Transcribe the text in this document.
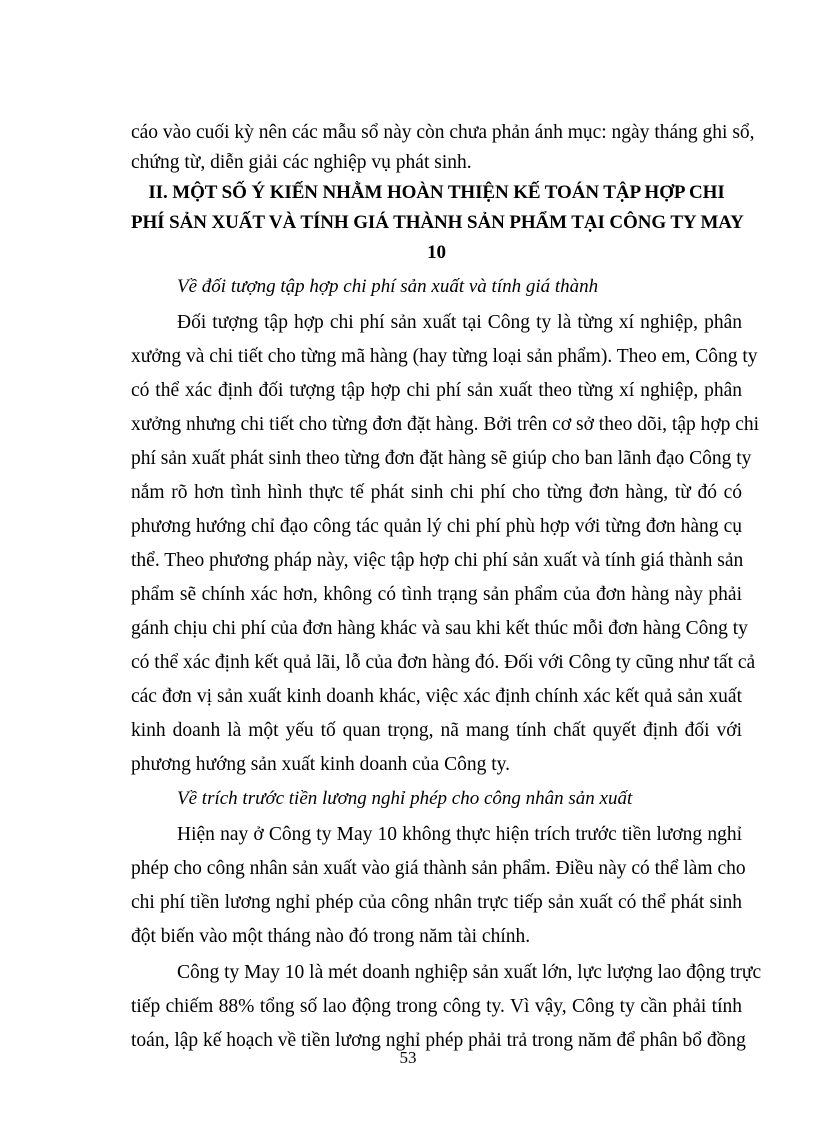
cáo vào cuối kỳ nên các mẫu sổ này còn chưa phản ánh mục: ngày tháng ghi sổ,
chứng từ, diễn giải các nghiệp vụ phát sinh.
II. MỘT SỐ Ý KIẾN NHẰM HOÀN THIỆN KẾ TOÁN TẬP HỢP CHI
PHÍ SẢN XUẤT VÀ TÍNH GIÁ THÀNH SẢN PHẨM TẠI CÔNG TY MAY
10
Về đối tượng tập hợp chi phí sản xuất và tính giá thành
Đối tượng tập hợp chi phí sản xuất tại Công ty là từng xí nghiệp, phân
xưởng và chi tiết cho từng mã hàng (hay từng loại sản phẩm). Theo em, Công ty
có thể xác định đối tượng tập hợp chi phí sản xuất theo từng xí nghiệp, phân
xưởng nhưng chi tiết cho từng đơn đặt hàng. Bởi trên cơ sở theo dõi, tập hợp chi
phí sản xuất phát sinh theo từng đơn đặt hàng sẽ giúp cho ban lãnh đạo Công ty
nắm rõ hơn tình hình thực tế phát sinh chi phí cho từng đơn hàng, từ đó có
phương hướng chỉ đạo công tác quản lý chi phí phù hợp với từng đơn hàng cụ
thể. Theo phương pháp này, việc tập hợp chi phí sản xuất và tính giá thành sản
phẩm sẽ chính xác hơn, không có tình trạng sản phẩm của đơn hàng này phải
gánh chịu chi phí của đơn hàng khác và sau khi kết thúc mỗi đơn hàng Công ty
có thể xác định kết quả lãi, lỗ của đơn hàng đó. Đối với Công ty cũng như tất cả
các đơn vị sản xuất kinh doanh khác, việc xác định chính xác kết quả sản xuất
kinh doanh là một yếu tố quan trọng, nã mang tính chất quyết định đối với
phương hướng sản xuất kinh doanh của Công ty.
Về trích trước tiền lương nghỉ phép cho công nhân sản xuất
Hiện nay ở Công ty May 10 không thực hiện trích trước tiền lương nghỉ
phép cho công nhân sản xuất vào giá thành sản phẩm. Điều này có thể làm cho
chi phí tiền lương nghỉ phép của công nhân trực tiếp sản xuất có thể phát sinh
đột biến vào một tháng nào đó trong năm tài chính.
Công ty May 10 là mét doanh nghiệp sản xuất lớn, lực lượng lao động trực
tiếp chiếm 88% tổng số lao động trong công ty. Vì vậy, Công ty cần phải tính
toán, lập kế hoạch về tiền lương nghỉ phép phải trả trong năm để phân bổ đồng
53
